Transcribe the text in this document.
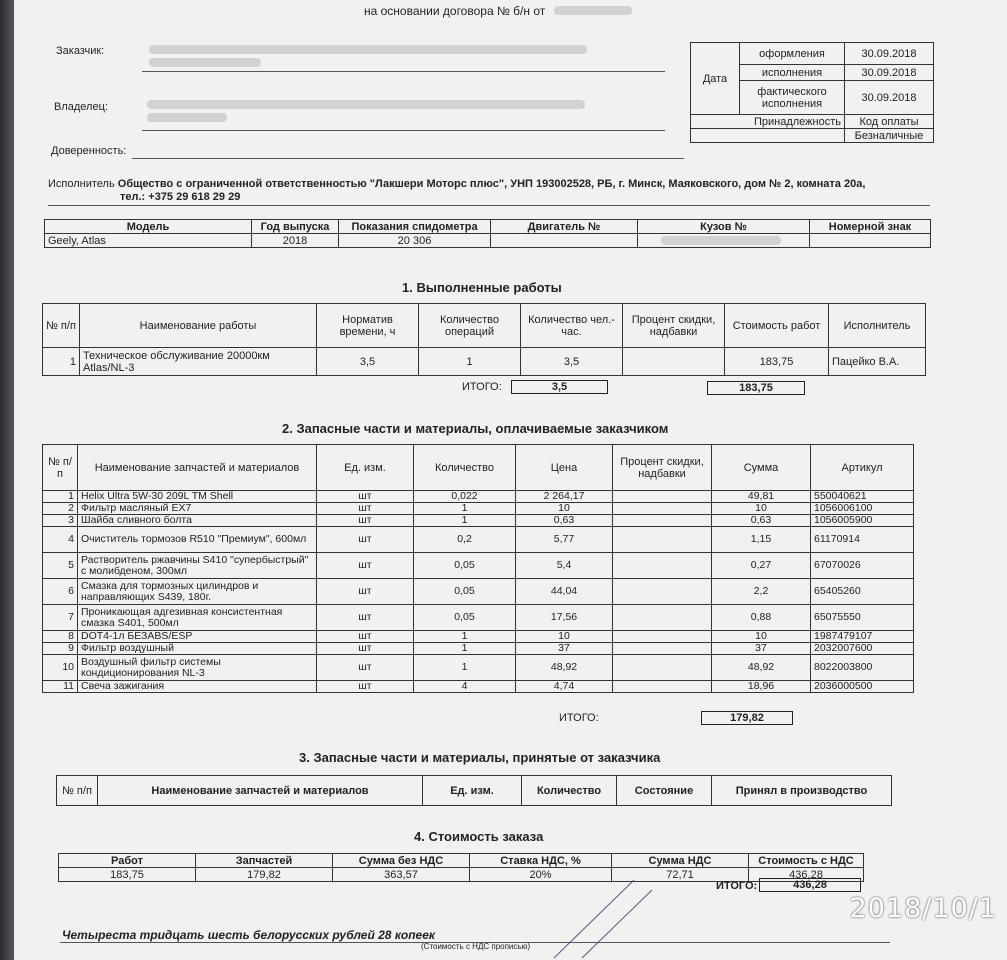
на основании договора № б/н от
Заказчик:
Владелец:
Доверенность:
Дата	оформления	30.09.2018
	исполнения	30.09.2018
	фактического исполнения	30.09.2018
Принадлежность		Код оплаты
		Безналичные
Исполнитель Общество с ограниченной ответственностью "Лакшери Моторс плюс", УНП 193002528, РБ, г. Минск, Маяковского, дом № 2, комната 20а,
тел.: +375 29 618 29 29
Модель	Год выпуска	Показания спидометра	Двигатель №	Кузов №	Номерной знак
Geely, Atlas	2018	20 306			
1. Выполненные работы
№ п/п	Наименование работы	Норматив времени, ч	Количество операций	Количество чел.-час.	Процент скидки, надбавки	Стоимость работ	Исполнитель
1	Техническое обслуживание 20000км Atlas/NL-3	3,5	1	3,5		183,75	Пацейко В.А.
ИТОГО:	3,5	183,75
2. Запасные части и материалы, оплачиваемые заказчиком
№ п/п	Наименование запчастей и материалов	Ед. изм.	Количество	Цена	Процент скидки, надбавки	Сумма	Артикул
1	Helix Ultra 5W-30 209L TM Shell	шт	0,022	2 264,17		49,81	550040621
2	Фильтр масляный EX7	шт	1	10		10	1056006100
3	Шайба сливного болта	шт	1	0,63		0,63	1056005900
4	Очиститель тормозов R510 "Премиум", 600мл	шт	0,2	5,77		1,15	61170914
5	Растворитель ржавчины S410 "супербыстрый" с молибденом, 300мл	шт	0,05	5,4		0,27	67070026
6	Смазка для тормозных цилиндров и направляющих S439, 180г.	шт	0,05	44,04		2,2	65405260
7	Проникающая адгезивная консистентная смазка S401, 500мл	шт	0,05	17,56		0,88	65075550
8	DOT4-1л БЕЗABS/ESP	шт	1	10		10	1987479107
9	Фильтр воздушный	шт	1	37		37	2032007600
10	Воздушный фильтр системы кондиционирования NL-3	шт	1	48,92		48,92	8022003800
11	Свеча зажигания	шт	4	4,74		18,96	2036000500
ИТОГО:	179,82
3. Запасные части и материалы, принятые от заказчика
№ п/п	Наименование запчастей и материалов	Ед. изм.	Количество	Состояние	Принял в производство
4. Стоимость заказа
Работ	Запчастей	Сумма без НДС	Ставка НДС, %	Сумма НДС	Стоимость с НДС
183,75	179,82	363,57	20%	72,71	436,28
ИТОГО:	436,28
Четыреста тридцать шесть белорусских рублей 28 копеек
(Стоимость с НДС прописью)
2018/10/1
